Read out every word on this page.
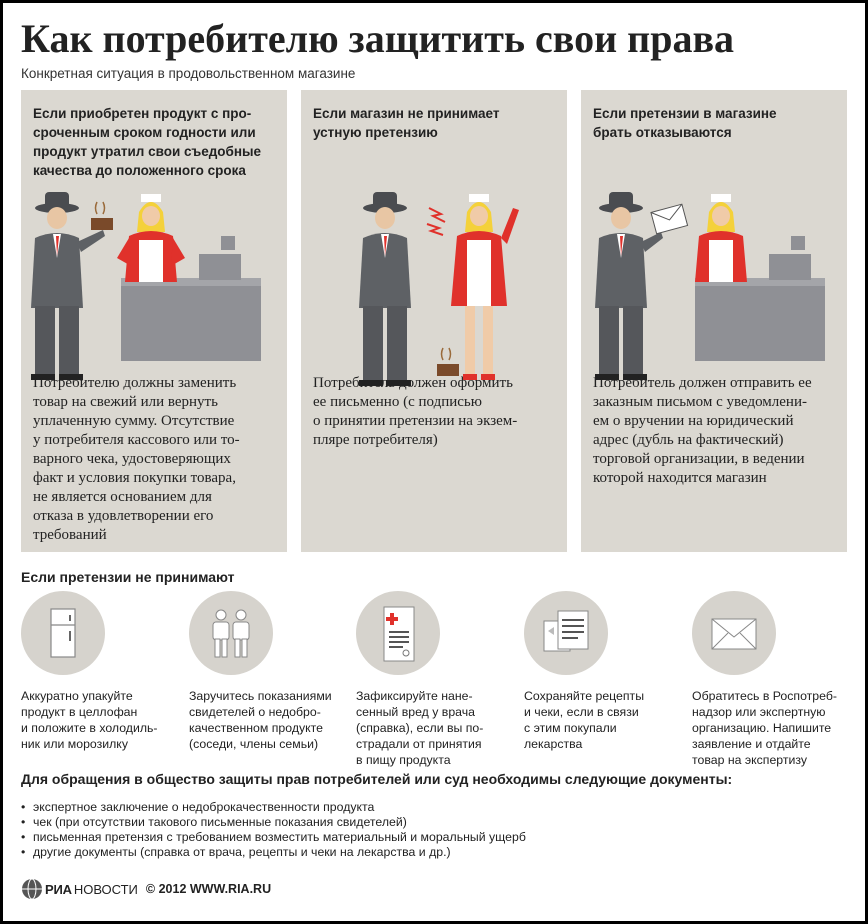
Как потребителю защитить свои права
Конкретная ситуация в продовольственном магазине
Если приобретен продукт с про-
сроченным сроком годности или
продукт утратил свои съедобные
качества до положенного срока
Потребителю должны заменить
товар на свежий или вернуть
уплаченную сумму. Отсутствие
у потребителя кассового или то-
варного чека, удостоверяющих
факт и условия покупки товара,
не является основанием для
отказа в удовлетворении его
требований
Если магазин не принимает
устную претензию
Потребитель должен оформить
ее письменно (с подписью
о принятии претензии на экзем-
пляре потребителя)
Если претензии в магазине
брать отказываются
Потребитель должен отправить ее
заказным письмом с уведомлени-
ем о вручении на юридический
адрес (дубль на фактический)
торговой организации, в ведении
которой находится магазин
Если претензии не принимают
Аккуратно упакуйте
продукт в целлофан
и положите в холодиль-
ник или морозилку
Заручитесь показаниями
свидетелей о недобро-
качественном продукте
(соседи, члены семьи)
Зафиксируйте нане-
сенный вред у врача
(справка), если вы по-
страдали от принятия
в пищу продукта
Сохраняйте рецепты
и чеки, если в связи
с этим покупали
лекарства
Обратитесь в Роспотреб-
надзор или экспертную
организацию. Напишите
заявление и отдайте
товар на экспертизу
Для обращения в общество защиты прав потребителей или суд необходимы следующие документы:
• экспертное заключение о недоброкачественности продукта
• чек (при отсутствии такового письменные показания свидетелей)
• письменная претензия с требованием возместить материальный и моральный ущерб
• другие документы (справка от врача, рецепты и чеки на лекарства и др.)
РИА НОВОСТИ © 2012 WWW.RIA.RU
